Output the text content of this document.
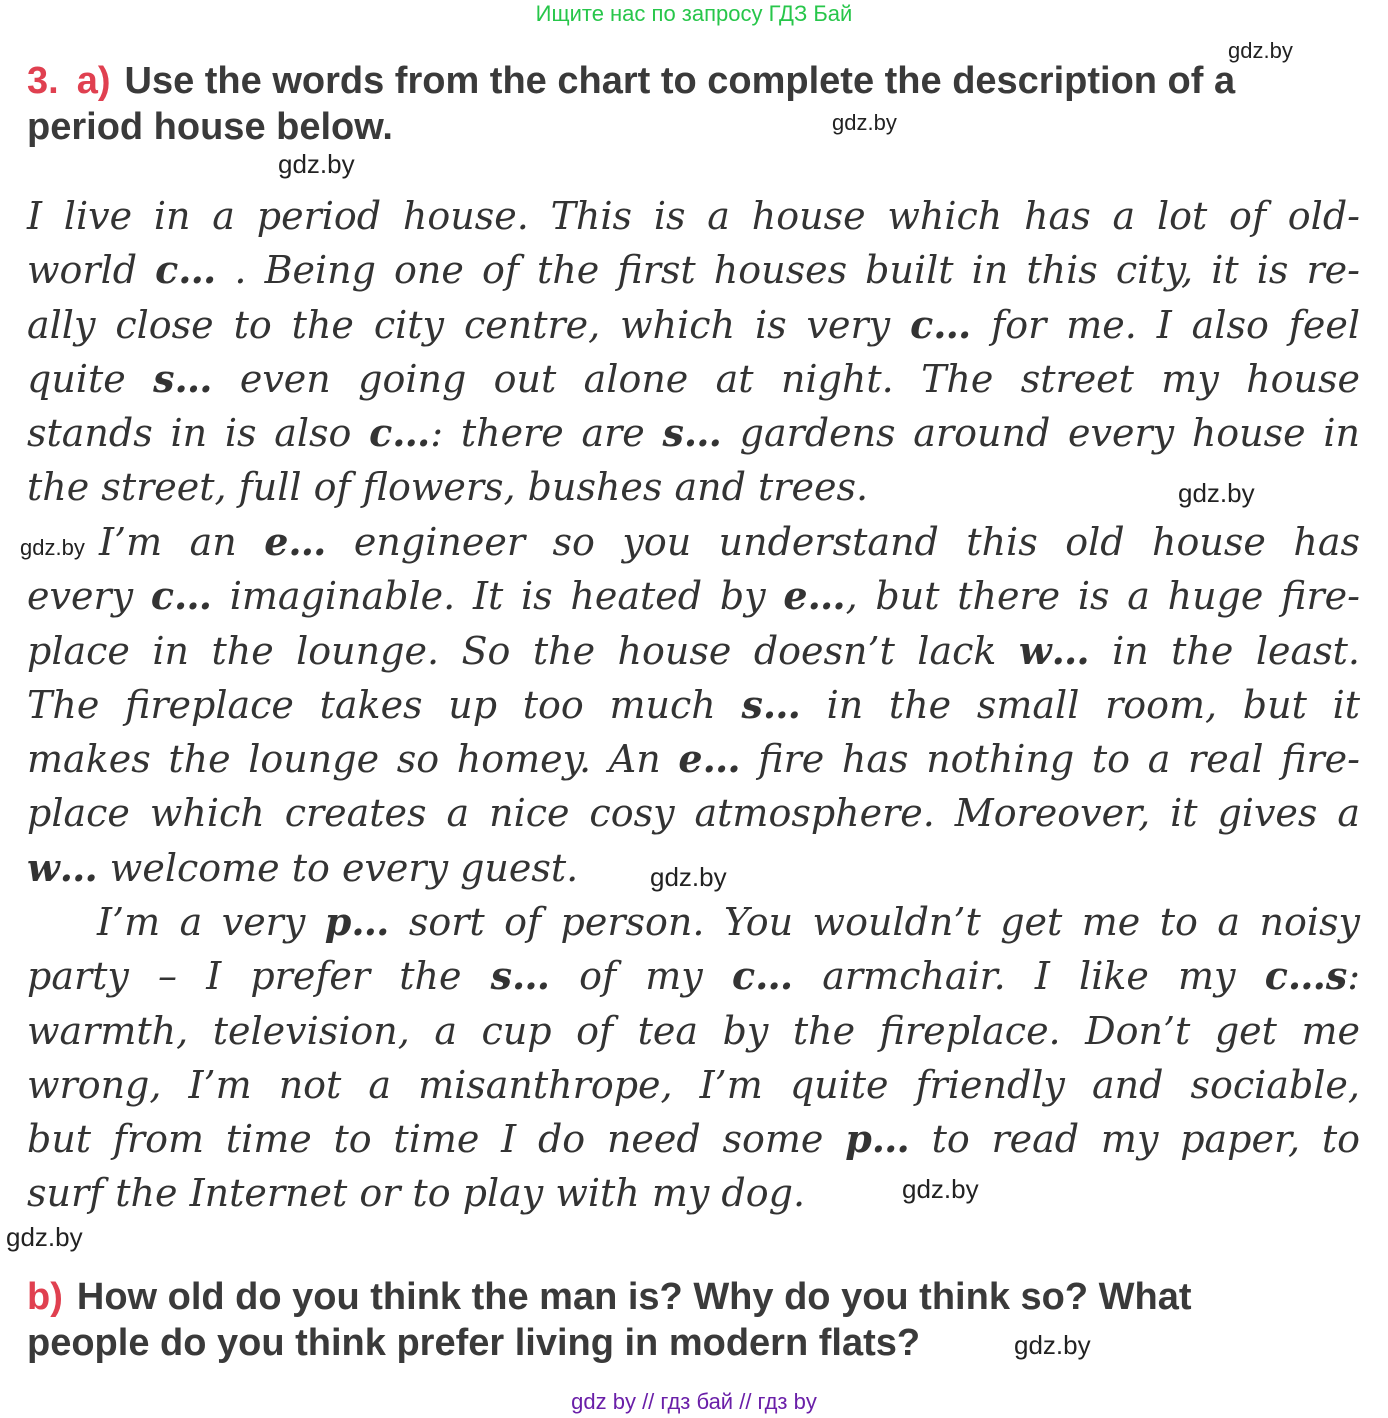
Ищите нас по запросу ГДЗ Бай
gdz.by
gdz.by
gdz.by
gdz.by
gdz.by
gdz.by
gdz.by
gdz.by
gdz.by
3. a) Use the words from the chart to complete the description of a
period house below.
I live in a period house. This is a house which has a lot of old-
world c… . Being one of the first houses built in this city, it is re-
ally close to the city centre, which is very c… for me. I also feel
quite s… even going out alone at night. The street my house
stands in is also c…: there are s… gardens around every house in
the street, full of flowers, bushes and trees.
I’m an e… engineer so you understand this old house has
every c… imaginable. It is heated by e…, but there is a huge fire-
place in the lounge. So the house doesn’t lack w… in the least.
The fireplace takes up too much s… in the small room, but it
makes the lounge so homey. An e… fire has nothing to a real fire-
place which creates a nice cosy atmosphere. Moreover, it gives a
w… welcome to every guest.
I’m a very p… sort of person. You wouldn’t get me to a noisy
party – I prefer the s… of my c… armchair. I like my c…s:
warmth, television, a cup of tea by the fireplace. Don’t get me
wrong, I’m not a misanthrope, I’m quite friendly and sociable,
but from time to time I do need some p… to read my paper, to
surf the Internet or to play with my dog.
b) How old do you think the man is? Why do you think so? What
people do you think prefer living in modern flats?
gdz by // гдз бай // гдз by
